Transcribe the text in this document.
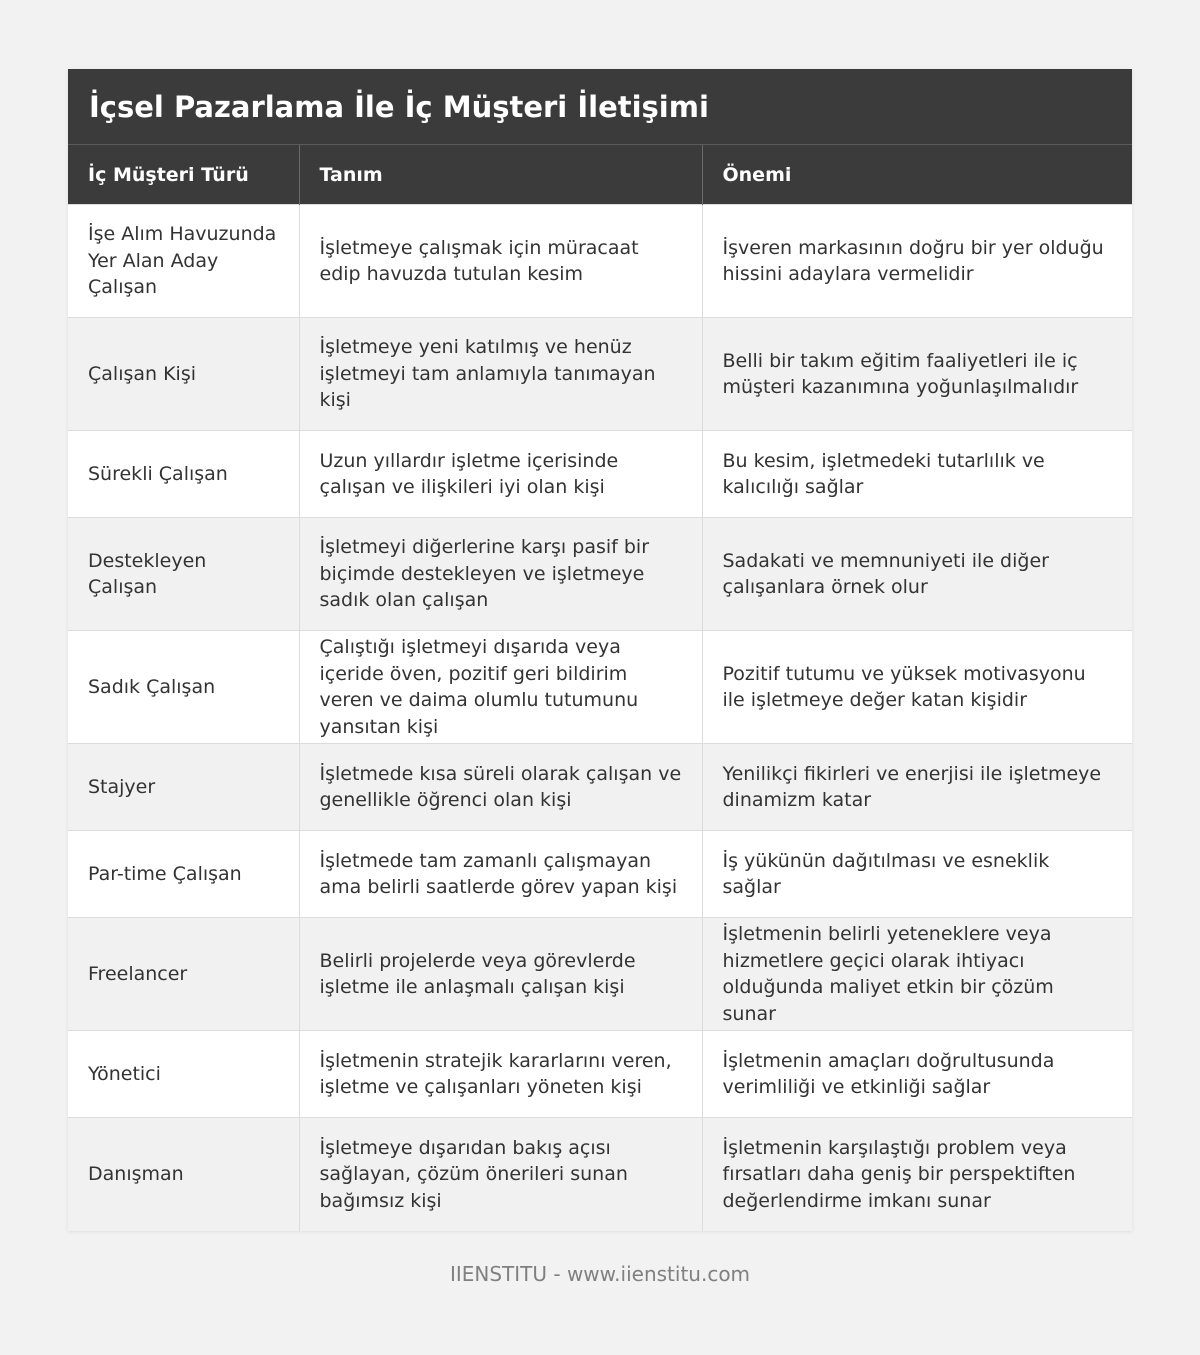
İçsel Pazarlama İle İç Müşteri İletişimi
İç Müşteri Türü	Tanım	Önemi
İşe Alım Havuzunda Yer Alan Aday Çalışan	İşletmeye çalışmak için müracaat edip havuzda tutulan kesim	İşveren markasının doğru bir yer olduğu hissini adaylara vermelidir
Çalışan Kişi	İşletmeye yeni katılmış ve henüz işletmeyi tam anlamıyla tanımayan kişi	Belli bir takım eğitim faaliyetleri ile iç müşteri kazanımına yoğunlaşılmalıdır
Sürekli Çalışan	Uzun yıllardır işletme içerisinde çalışan ve ilişkileri iyi olan kişi	Bu kesim, işletmedeki tutarlılık ve kalıcılığı sağlar
Destekleyen Çalışan	İşletmeyi diğerlerine karşı pasif bir biçimde destekleyen ve işletmeye sadık olan çalışan	Sadakati ve memnuniyeti ile diğer çalışanlara örnek olur
Sadık Çalışan	Çalıştığı işletmeyi dışarıda veya içeride öven, pozitif geri bildirim veren ve daima olumlu tutumunu yansıtan kişi	Pozitif tutumu ve yüksek motivasyonu ile işletmeye değer katan kişidir
Stajyer	İşletmede kısa süreli olarak çalışan ve genellikle öğrenci olan kişi	Yenilikçi fikirleri ve enerjisi ile işletmeye dinamizm katar
Par-time Çalışan	İşletmede tam zamanlı çalışmayan ama belirli saatlerde görev yapan kişi	İş yükünün dağıtılması ve esneklik sağlar
Freelancer	Belirli projelerde veya görevlerde işletme ile anlaşmalı çalışan kişi	İşletmenin belirli yeteneklere veya hizmetlere geçici olarak ihtiyacı olduğunda maliyet etkin bir çözüm sunar
Yönetici	İşletmenin stratejik kararlarını veren, işletme ve çalışanları yöneten kişi	İşletmenin amaçları doğrultusunda verimliliği ve etkinliği sağlar
Danışman	İşletmeye dışarıdan bakış açısı sağlayan, çözüm önerileri sunan bağımsız kişi	İşletmenin karşılaştığı problem veya fırsatları daha geniş bir perspektiften değerlendirme imkanı sunar
IIENSTITU - www.iienstitu.com
